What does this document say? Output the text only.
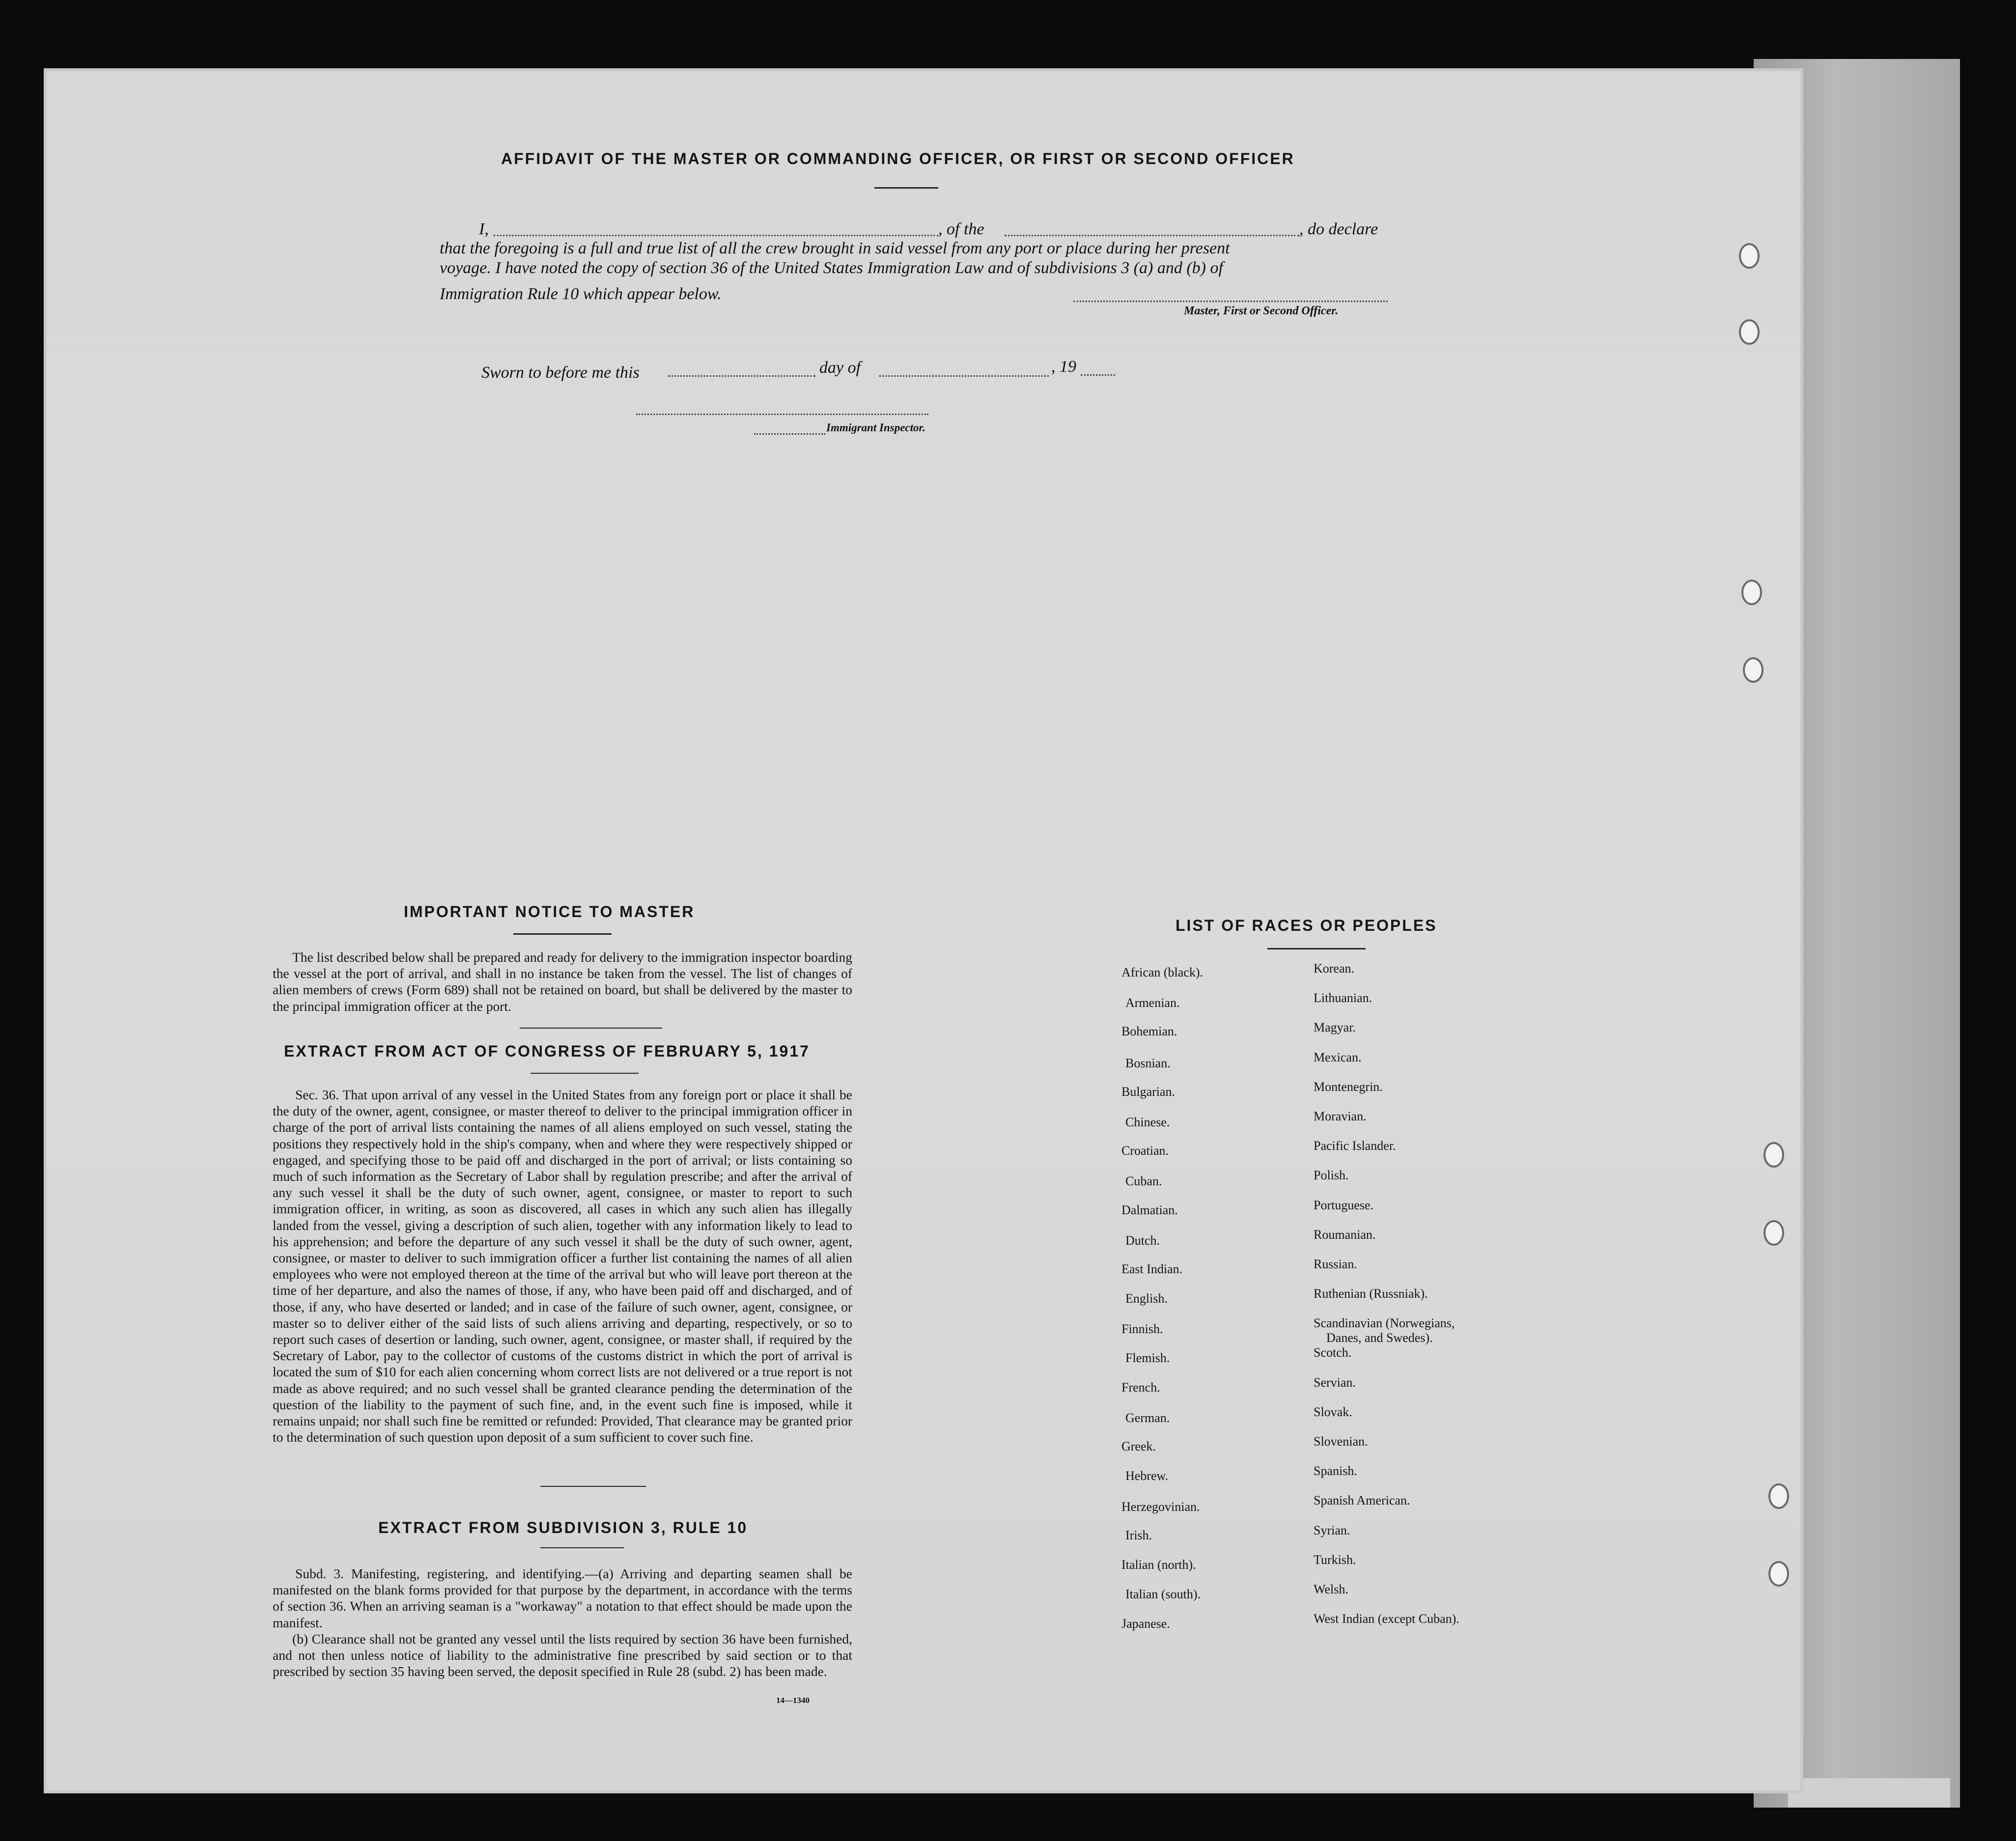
AFFIDAVIT OF THE MASTER OR COMMANDING OFFICER, OR FIRST OR SECOND OFFICER
I,	, of the	, do declare
that the foregoing is a full and true list of all the crew brought in said vessel from any port or place during her present
voyage. I have noted the copy of section 36 of the United States Immigration Law and of subdivisions 3 (a) and (b) of
Immigration Rule 10 which appear below.
Master, First or Second Officer.
Sworn to before me this	day of	, 19
Immigrant Inspector.
IMPORTANT NOTICE TO MASTER
The list described below shall be prepared and ready for delivery to the immigration inspector boarding the vessel at the port of arrival, and shall in no instance be taken from the vessel. The list of changes of alien members of crews (Form 689) shall not be retained on board, but shall be delivered by the master to the principal immigration officer at the port.
EXTRACT FROM ACT OF CONGRESS OF FEBRUARY 5, 1917
Sec. 36. That upon arrival of any vessel in the United States from any foreign port or place it shall be the duty of the owner, agent, consignee, or master thereof to deliver to the principal immigration officer in charge of the port of arrival lists containing the names of all aliens employed on such vessel, stating the positions they respectively hold in the ship's company, when and where they were respectively shipped or engaged, and specifying those to be paid off and discharged in the port of arrival; or lists containing so much of such information as the Secretary of Labor shall by regulation prescribe; and after the arrival of any such vessel it shall be the duty of such owner, agent, consignee, or master to report to such immigration officer, in writing, as soon as discovered, all cases in which any such alien has illegally landed from the vessel, giving a description of such alien, together with any information likely to lead to his apprehension; and before the departure of any such vessel it shall be the duty of such owner, agent, consignee, or master to deliver to such immigration officer a further list containing the names of all alien employees who were not employed thereon at the time of the arrival but who will leave port thereon at the time of her departure, and also the names of those, if any, who have been paid off and discharged, and of those, if any, who have deserted or landed; and in case of the failure of such owner, agent, consignee, or master so to deliver either of the said lists of such aliens arriving and departing, respectively, or so to report such cases of desertion or landing, such owner, agent, consignee, or master shall, if required by the Secretary of Labor, pay to the collector of customs of the customs district in which the port of arrival is located the sum of $10 for each alien concerning whom correct lists are not delivered or a true report is not made as above required; and no such vessel shall be granted clearance pending the determination of the question of the liability to the payment of such fine, and, in the event such fine is imposed, while it remains unpaid; nor shall such fine be remitted or refunded: Provided, That clearance may be granted prior to the determination of such question upon deposit of a sum sufficient to cover such fine.
EXTRACT FROM SUBDIVISION 3, RULE 10
Subd. 3. Manifesting, registering, and identifying.—(a) Arriving and departing seamen shall be manifested on the blank forms provided for that purpose by the department, in accordance with the terms of section 36. When an arriving seaman is a "workaway" a notation to that effect should be made upon the manifest.
(b) Clearance shall not be granted any vessel until the lists required by section 36 have been furnished, and not then unless notice of liability to the administrative fine prescribed by said section or to that prescribed by section 35 having been served, the deposit specified in Rule 28 (subd. 2) has been made.
14—1340
LIST OF RACES OR PEOPLES
African (black).
Armenian.
Bohemian.
Bosnian.
Bulgarian.
Chinese.
Croatian.
Cuban.
Dalmatian.
Dutch.
East Indian.
English.
Finnish.
Flemish.
French.
German.
Greek.
Hebrew.
Herzegovinian.
Irish.
Italian (north).
Italian (south).
Japanese.
Korean.
Lithuanian.
Magyar.
Mexican.
Montenegrin.
Moravian.
Pacific Islander.
Polish.
Portuguese.
Roumanian.
Russian.
Ruthenian (Russniak).
Scandinavian (Norwegians,
Danes, and Swedes).
Scotch.
Servian.
Slovak.
Slovenian.
Spanish.
Spanish American.
Syrian.
Turkish.
Welsh.
West Indian (except Cuban).
